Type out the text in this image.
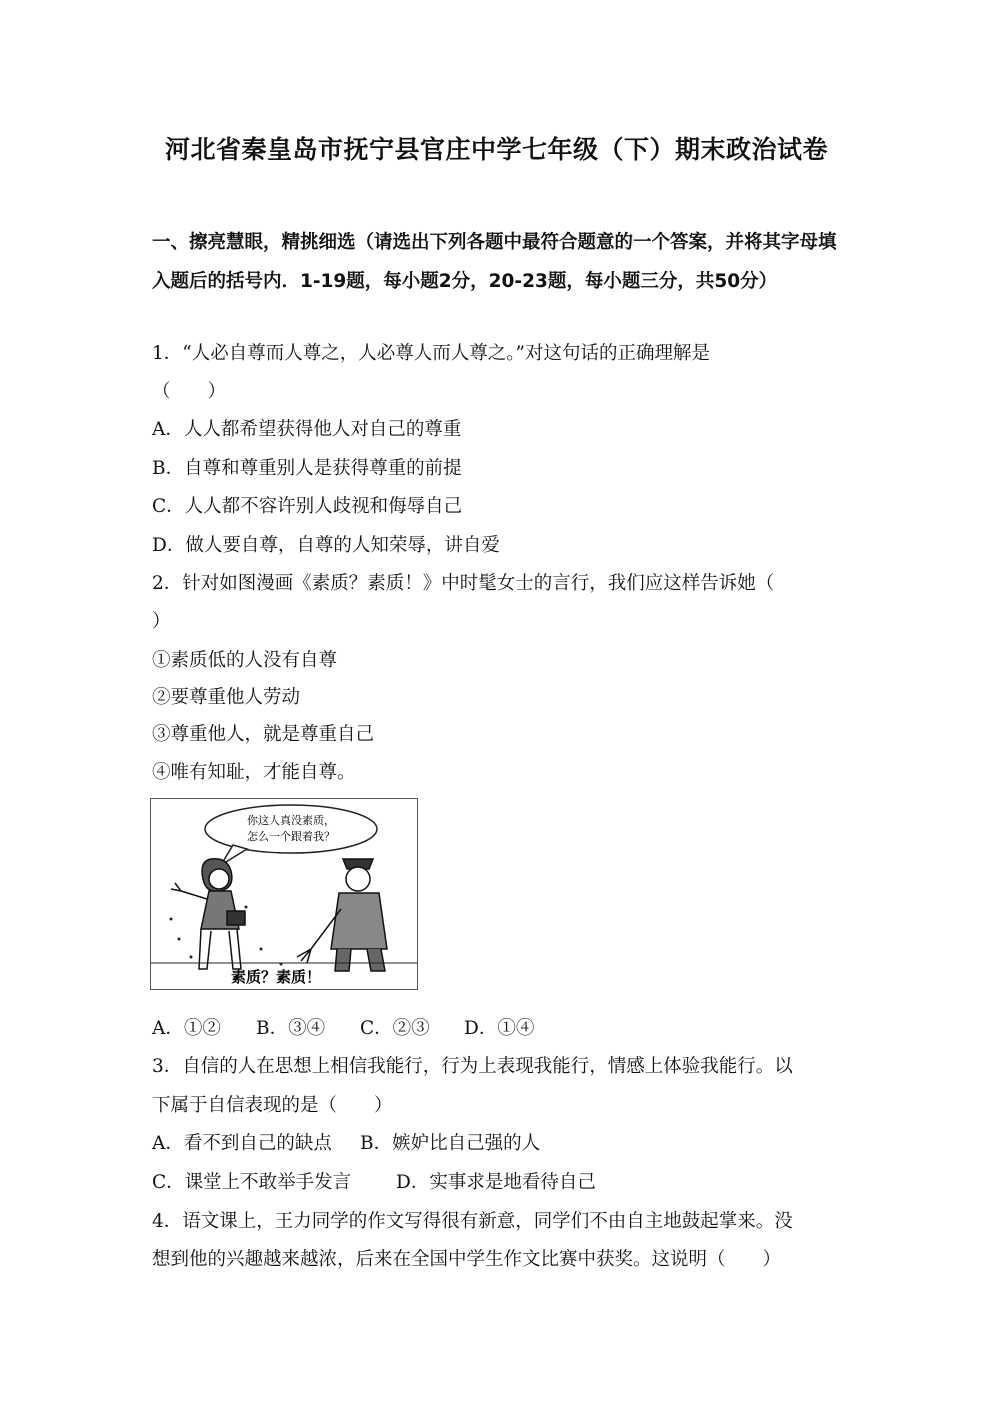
河北省秦皇岛市抚宁县官庄中学七年级（下）期末政治试卷
一、擦亮慧眼，精挑细选（请选出下列各题中最符合题意的一个答案，并将其字母填入题后的括号内．1-19题，每小题2分，20-23题，每小题三分，共50分）
1．“人必自尊而人尊之，人必尊人而人尊之。”对这句话的正确理解是
（　　）
A．人人都希望获得他人对自己的尊重
B．自尊和尊重别人是获得尊重的前提
C．人人都不容许别人歧视和侮辱自己
D．做人要自尊，自尊的人知荣辱，讲自爱
2．针对如图漫画《素质？素质！》中时髦女士的言行，我们应这样告诉她（
）
①素质低的人没有自尊
②要尊重他人劳动
③尊重他人，就是尊重自己
④唯有知耻，才能自尊。
你这人真没素质，
怎么一个跟着我？
素质？素质！
A．①② B．③④ C．②③ D．①④
3．自信的人在思想上相信我能行，行为上表现我能行，情感上体验我能行。以
下属于自信表现的是（　　）
A．看不到自己的缺点 B．嫉妒比自己强的人
C．课堂上不敢举手发言 D．实事求是地看待自己
4．语文课上，王力同学的作文写得很有新意，同学们不由自主地鼓起掌来。没
想到他的兴趣越来越浓，后来在全国中学生作文比赛中获奖。这说明（　　）
